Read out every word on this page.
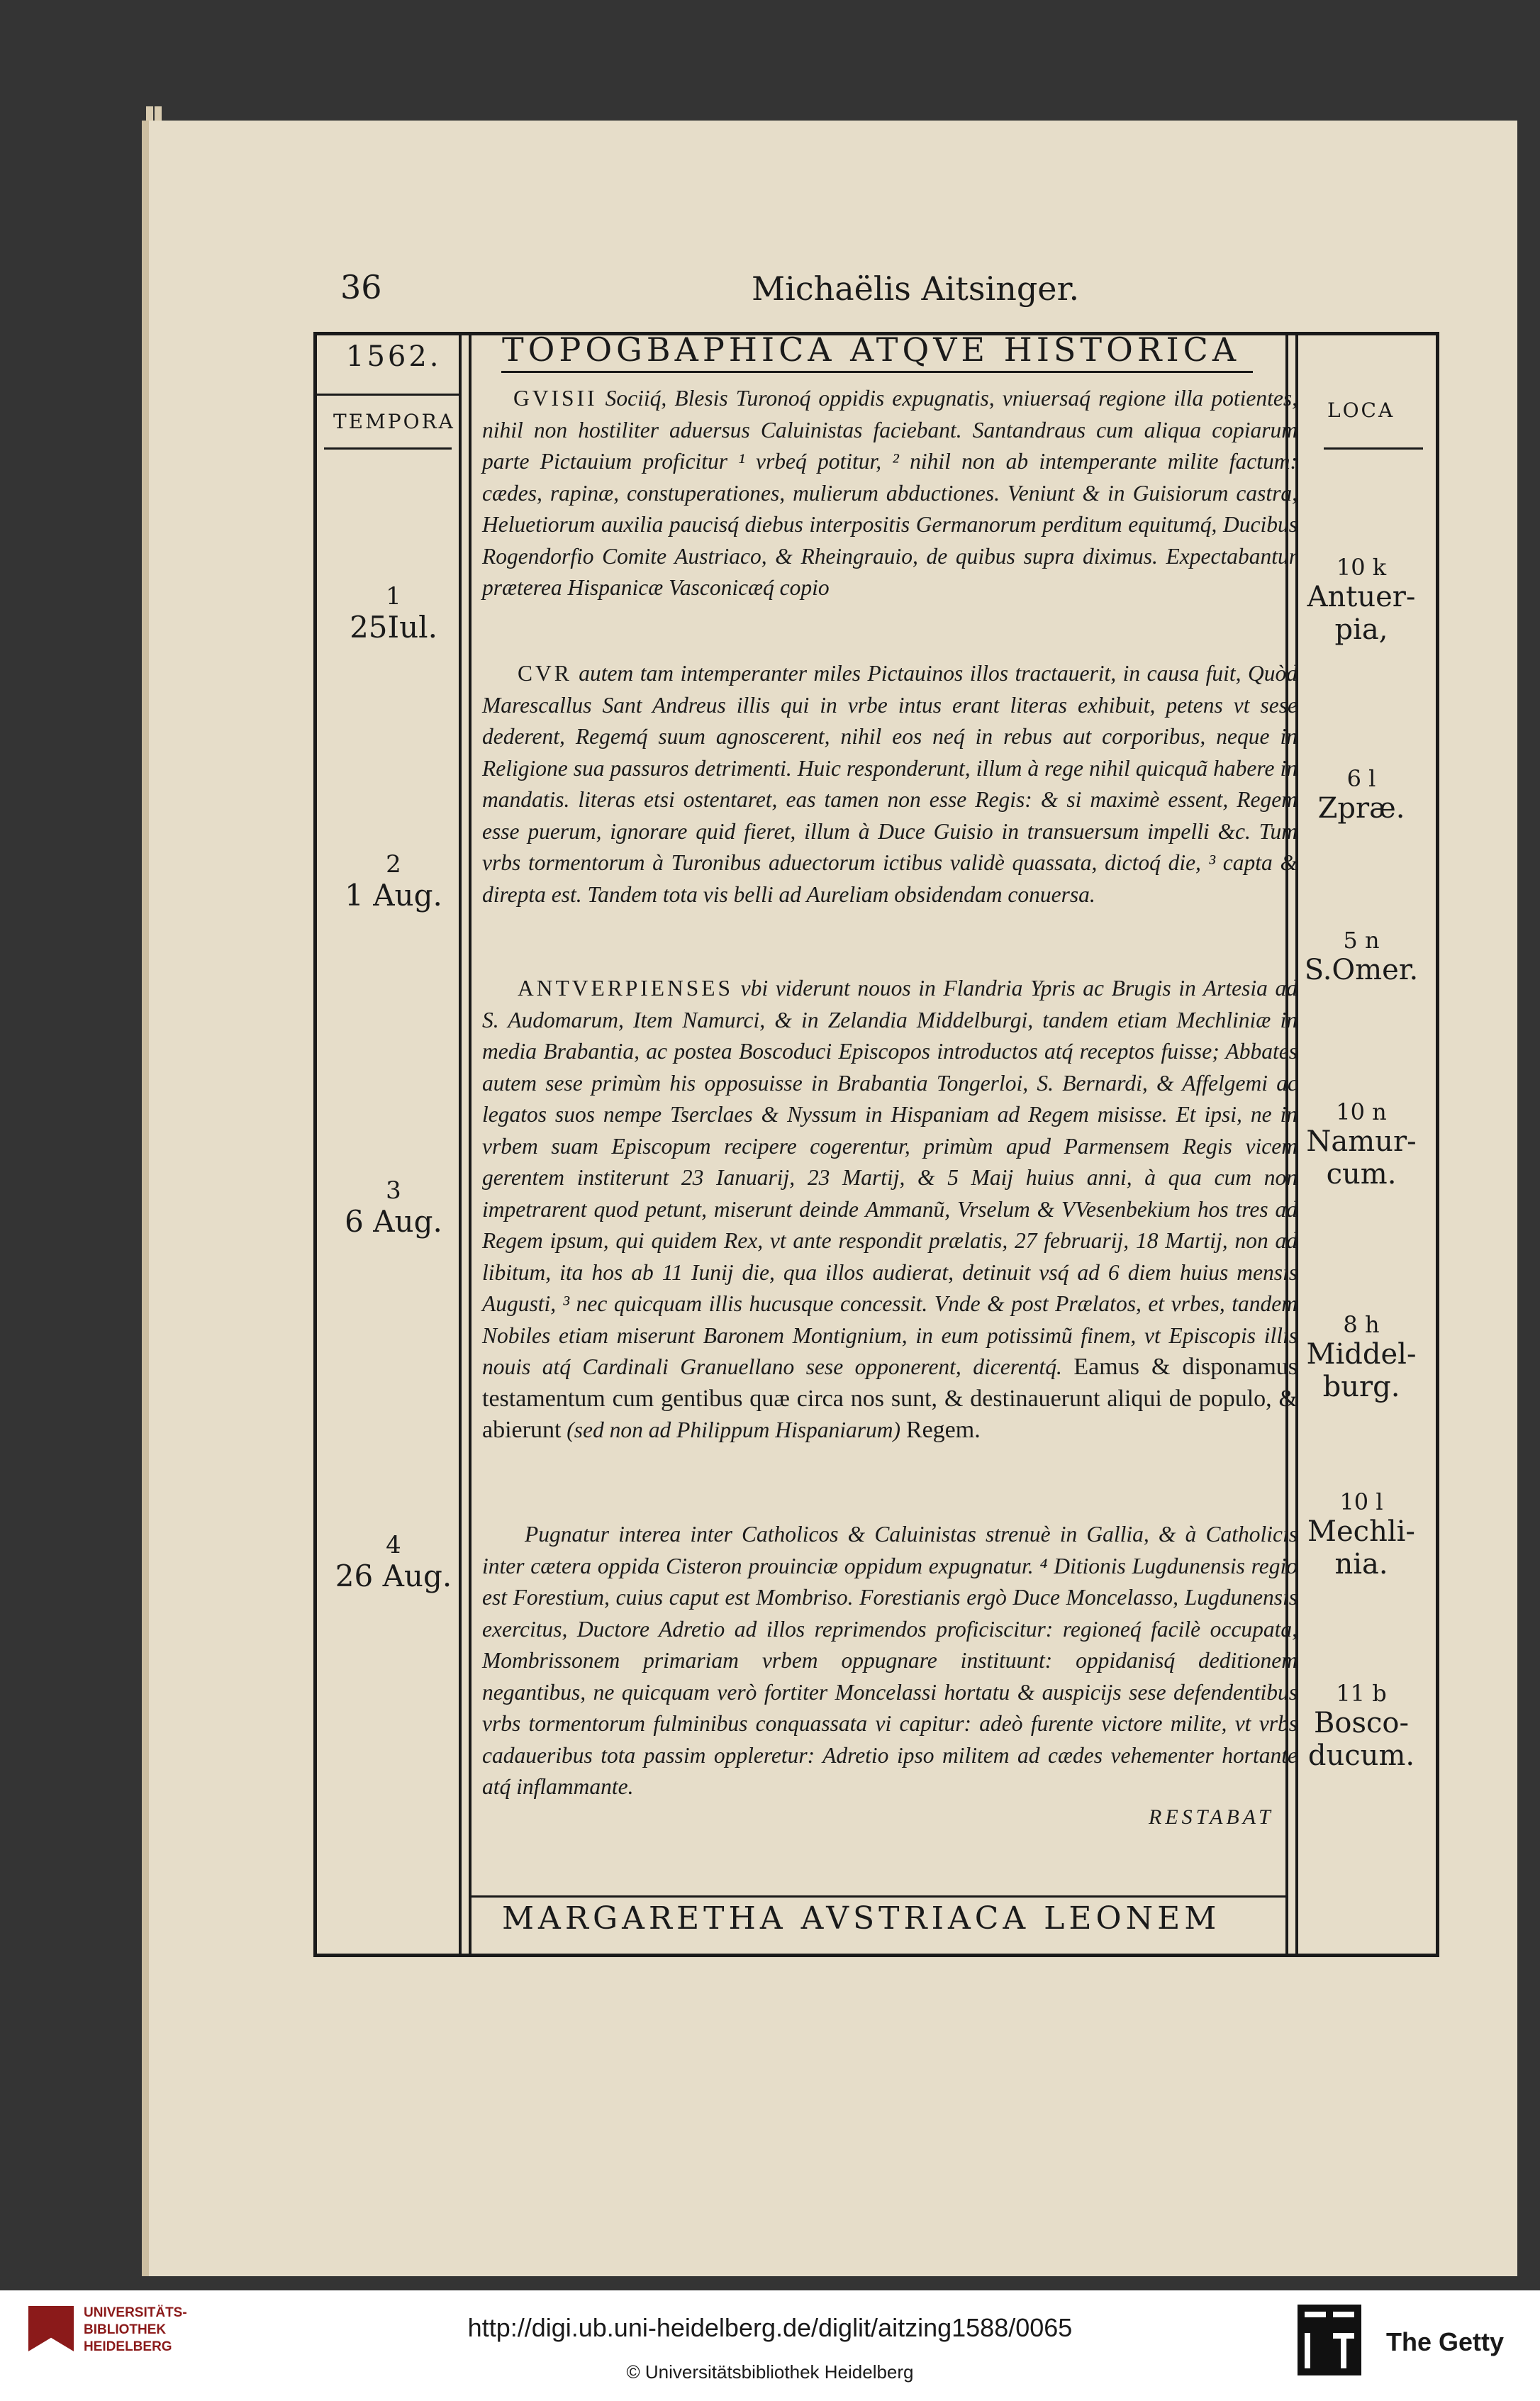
36	Michaëlis Aitsinger.
1562. TOPOGBAPHICA ATQVE HISTORICA
TEMPORA	LOCA
1
25Iul.
2
1 Aug.
3
6 Aug.
4
26 Aug.
10 k
Antuer-
pia,
6 l
Zpræ.
5 n
S.Omer.
10 n
Namur-
cum.
8 h
Middel-
burg.
10 l
Mechli-
nia.
11 b
Bosco-
ducum.
GVISII Sociiq́, Blesis Turonoq́ oppidis expugnatis, vniuersaq́ regione illa potientes, nihil non hostiliter aduersus Caluinistas faciebant. Santandraus cum aliqua copiarum parte Pictauium proficitur ¹ vrbeq́ potitur, ² nihil non ab intemperante milite factum: cædes, rapinæ, constuperationes, mulierum abductiones. Veniunt & in Guisiorum castra, Heluetiorum auxilia paucisq́ diebus interpositis Germanorum perditum equitumq́, Ducibus Rogendorfio Comite Austriaco, & Rheingrauio, de quibus supra diximus. Expectabantur præterea Hispanicæ Vasconicæq́ copio
CVR autem tam intemperanter miles Pictauinos illos tractauerit, in causa fuit, Quòd Marescallus Sant Andreus illis qui in vrbe intus erant literas exhibuit, petens vt sese dederent, Regemq́ suum agnoscerent, nihil eos neq́ in rebus aut corporibus, neque in Religione sua passuros detrimenti. Huic responderunt, illum à rege nihil quicquã habere in mandatis. literas etsi ostentaret, eas tamen non esse Regis: & si maximè essent, Regem esse puerum, ignorare quid fieret, illum à Duce Guisio in transuersum impelli &c. Tum vrbs tormentorum à Turonibus aduectorum ictibus validè quassata, dictoq́ die, ³ capta & direpta est. Tandem tota vis belli ad Aureliam obsidendam conuersa.
ANTVERPIENSES vbi viderunt nouos in Flandria Ypris ac Brugis in Artesia ad S. Audomarum, Item Namurci, & in Zelandia Middelburgi, tandem etiam Mechliniæ in media Brabantia, ac postea Boscoduci Episcopos introductos atq́ receptos fuisse; Abbates autem sese primùm his opposuisse in Brabantia Tongerloi, S. Bernardi, & Affelgemi ac legatos suos nempe Tserclaes & Nyssum in Hispaniam ad Regem misisse. Et ipsi, ne in vrbem suam Episcopum recipere cogerentur, primùm apud Parmensem Regis vicem gerentem institerunt 23 Ianuarij, 23 Martij, & 5 Maij huius anni, à qua cum non impetrarent quod petunt, miserunt deinde Ammanũ, Vrselum & VVesenbekium hos tres ad Regem ipsum, qui quidem Rex, vt ante respondit prælatis, 27 februarij, 18 Martij, non ad libitum, ita hos ab 11 Iunij die, qua illos audierat, detinuit vsq́ ad 6 diem huius mensis Augusti, ³ nec quicquam illis hucusque concessit. Vnde & post Prælatos, et vrbes, tandem Nobiles etiam miserunt Baronem Montignium, in eum potissimũ finem, vt Episcopis illis nouis atq́ Cardinali Granuellano sese opponerent, dicerentq́. Eamus & disponamus testamentum cum gentibus quæ circa nos sunt, & destinauerunt aliqui de populo, & abierunt (sed non ad Philippum Hispaniarum) Regem.
Pugnatur interea inter Catholicos & Caluinistas strenuè in Gallia, & à Catholicis inter cætera oppida Cisteron prouinciæ oppidum expugnatur. ⁴ Ditionis Lugdunensis regio est Forestium, cuius caput est Mombriso. Forestianis ergò Duce Moncelasso, Lugdunensis exercitus, Ductore Adretio ad illos reprimendos proficiscitur: regioneq́ facilè occupata, Mombrissonem primariam vrbem oppugnare instituunt: oppidanisq́ deditionem negantibus, ne quicquam verò fortiter Moncelassi hortatu & auspicijs sese defendentibus vrbs tormentorum fulminibus conquassata vi capitur: adeò furente victore milite, vt vrbs cadaueribus tota passim oppleretur: Adretio ipso militem ad cædes vehementer hortante atq́ inflammante.
RESTABAT
MARGARETHA AVSTRIACA LEONEM
UNIVERSITÄTS-
BIBLIOTHEK
HEIDELBERG
http://digi.ub.uni-heidelberg.de/diglit/aitzing1588/0065
© Universitätsbibliothek Heidelberg
The Getty
